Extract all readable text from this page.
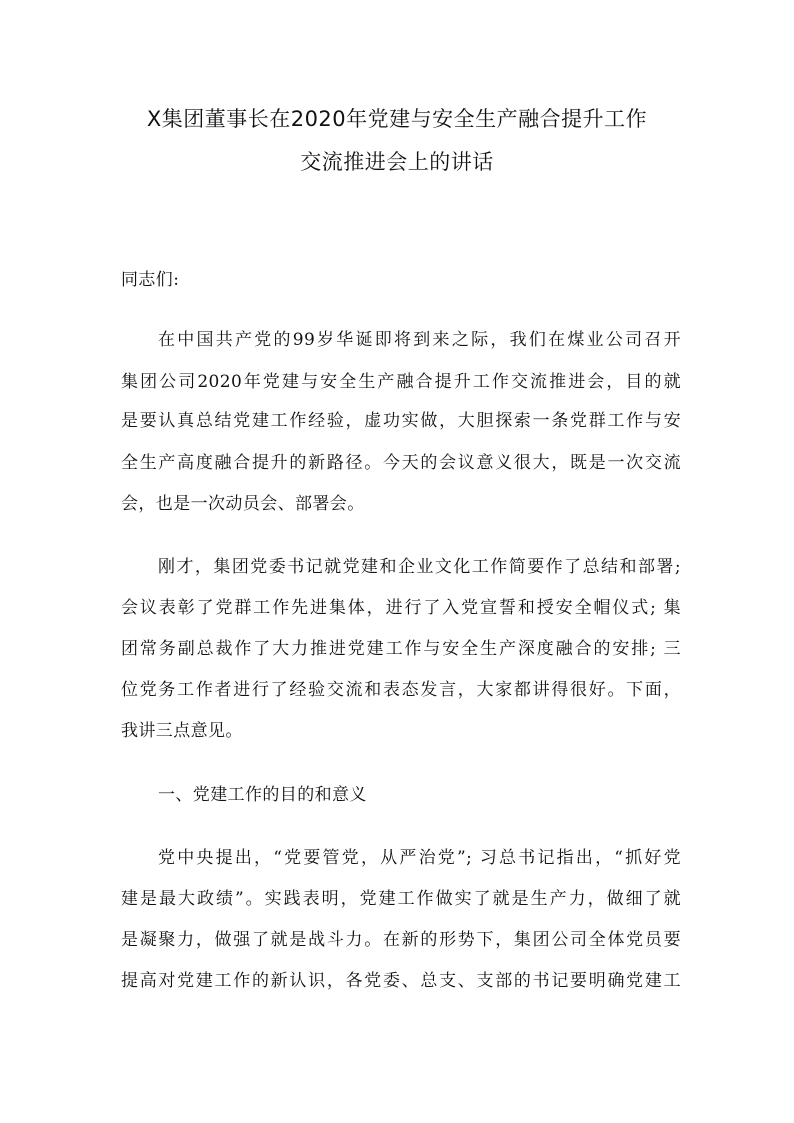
X集团董事长在2020年党建与安全生产融合提升工作
交流推进会上的讲话
同志们:
在中国共产党的99岁华诞即将到来之际，我们在煤业公司召开
集团公司2020年党建与安全生产融合提升工作交流推进会，目的就
是要认真总结党建工作经验，虚功实做，大胆探索一条党群工作与安
全生产高度融合提升的新路径。今天的会议意义很大，既是一次交流
会，也是一次动员会、部署会。
刚才，集团党委书记就党建和企业文化工作简要作了总结和部署;
会议表彰了党群工作先进集体，进行了入党宣誓和授安全帽仪式; 集
团常务副总裁作了大力推进党建工作与安全生产深度融合的安排; 三
位党务工作者进行了经验交流和表态发言，大家都讲得很好。下面，
我讲三点意见。
一、党建工作的目的和意义
党中央提出，“党要管党，从严治党”; 习总书记指出，“抓好党
建是最大政绩”。实践表明，党建工作做实了就是生产力，做细了就
是凝聚力，做强了就是战斗力。在新的形势下，集团公司全体党员要
提高对党建工作的新认识，各党委、总支、支部的书记要明确党建工
